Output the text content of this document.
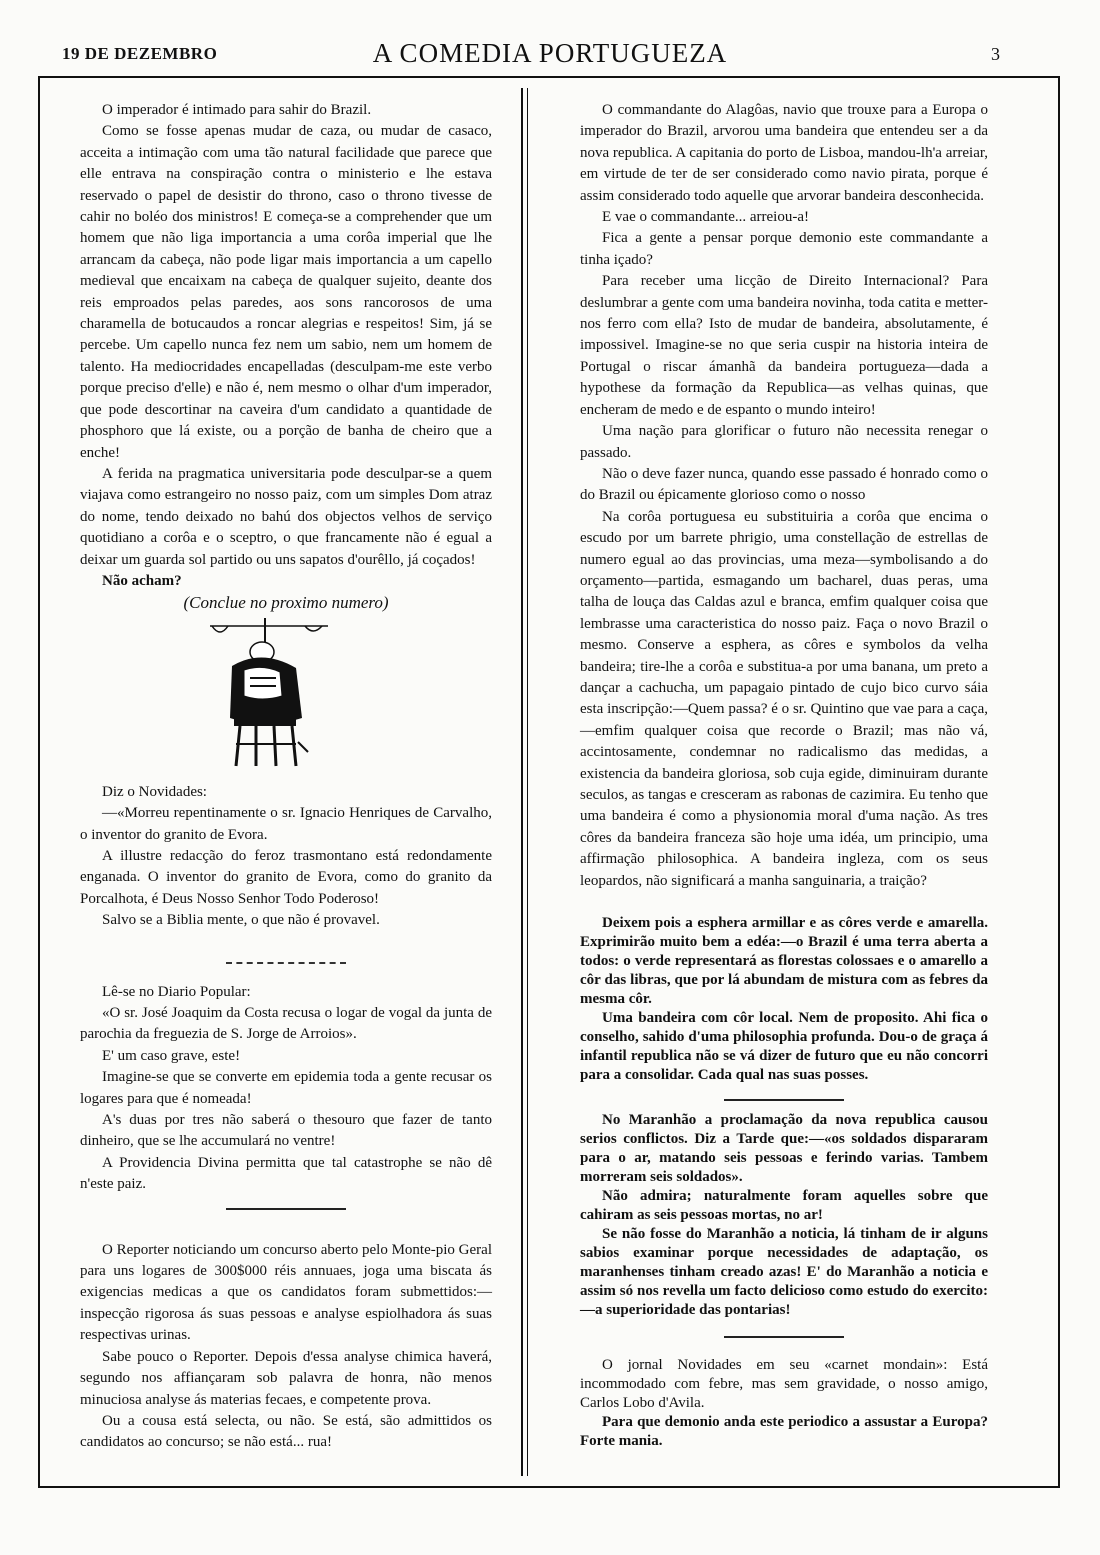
19 DE DEZEMBRO	A COMEDIA PORTUGUEZA	3

O imperador é intimado para sahir do Brazil.

Como se fosse apenas mudar de caza, ou mudar de casaco, acceita a intimação com uma tão natural facilidade que parece que elle entrava na conspiração contra o ministerio e lhe estava reservado o papel de desistir do throno, caso o throno tivesse de cahir no boléo dos ministros! E começa-se a comprehender que um homem que não liga importancia a uma corôa imperial que lhe arrancam da cabeça, não pode ligar mais importancia a um capello medieval que encaixam na cabeça de qualquer sujeito, deante dos reis emproados pelas paredes, aos sons rancorosos de uma charamella de botucaudos a roncar alegrias e respeitos! Sim, já se percebe. Um capello nunca fez nem um sabio, nem um homem de talento. Ha mediocridades encapelladas (desculpam-me este verbo porque preciso d'elle) e não é, nem mesmo o olhar d'um imperador, que pode descortinar na caveira d'um candidato a quantidade de phosphoro que lá existe, ou a porção de banha de cheiro que a enche!

A ferida na pragmatica universitaria pode desculpar-se a quem viajava como estrangeiro no nosso paiz, com um simples Dom atraz do nome, tendo deixado no bahú dos objectos velhos de serviço quotidiano a corôa e o sceptro, o que francamente não é egual a deixar um guarda sol partido ou uns sapatos d'ourêllo, já coçados!

Não acham?

(Conclue no proximo numero)

Diz o Novidades:

—«Morreu repentinamente o sr. Ignacio Henriques de Carvalho, o inventor do granito de Evora.

A illustre redacção do feroz trasmontano está redondamente enganada. O inventor do granito de Evora, como do granito da Porcalhota, é Deus Nosso Senhor Todo Poderoso!

Salvo se a Biblia mente, o que não é provavel.

Lê-se no Diario Popular:

«O sr. José Joaquim da Costa recusa o logar de vogal da junta de parochia da freguezia de S. Jorge de Arroios».

E' um caso grave, este!

Imagine-se que se converte em epidemia toda a gente recusar os logares para que é nomeada!

A's duas por tres não saberá o thesouro que fazer de tanto dinheiro, que se lhe accumulará no ventre!

A Providencia Divina permitta que tal catastrophe se não dê n'este paiz.

O Reporter noticiando um concurso aberto pelo Monte-pio Geral para uns logares de 300$000 réis annuaes, joga uma biscata ás exigencias medicas a que os candidatos foram submettidos:—inspecção rigorosa ás suas pessoas e analyse espiolhadora ás suas respectivas urinas.

Sabe pouco o Reporter. Depois d'essa analyse chimica haverá, segundo nos affiançaram sob palavra de honra, não menos minuciosa analyse ás materias fecaes, e competente prova.

Ou a cousa está selecta, ou não. Se está, são admittidos os candidatos ao concurso; se não está... rua!

O commandante do Alagôas, navio que trouxe para a Europa o imperador do Brazil, arvorou uma bandeira que entendeu ser a da nova republica. A capitania do porto de Lisboa, mandou-lh'a arreiar, em virtude de ter de ser considerado como navio pirata, porque é assim considerado todo aquelle que arvorar bandeira desconhecida.

E vae o commandante... arreiou-a!

Fica a gente a pensar porque demonio este commandante a tinha içado?

Para receber uma licção de Direito Internacional? Para deslumbrar a gente com uma bandeira novinha, toda catita e metter-nos ferro com ella? Isto de mudar de bandeira, absolutamente, é impossivel. Imagine-se no que seria cuspir na historia inteira de Portugal o riscar ámanhã da bandeira portugueza—dada a hypothese da formação da Republica—as velhas quinas, que encheram de medo e de espanto o mundo inteiro!

Uma nação para glorificar o futuro não necessita renegar o passado.

Não o deve fazer nunca, quando esse passado é honrado como o do Brazil ou épicamente glorioso como o nosso

Na corôa portuguesa eu substituiria a corôa que encima o escudo por um barrete phrigio, uma constellação de estrellas de numero egual ao das provincias, uma meza—symbolisando a do orçamento—partida, esmagando um bacharel, duas peras, uma talha de louça das Caldas azul e branca, emfim qualquer coisa que lembrasse uma caracteristica do nosso paiz. Faça o novo Brazil o mesmo. Conserve a esphera, as côres e symbolos da velha bandeira; tire-lhe a corôa e substitua-a por uma banana, um preto a dançar a cachucha, um papagaio pintado de cujo bico curvo sáia esta inscripção:—Quem passa? é o sr. Quintino que vae para a caça,—emfim qualquer coisa que recorde o Brazil; mas não vá, accintosamente, condemnar no radicalismo das medidas, a existencia da bandeira gloriosa, sob cuja egide, diminuiram durante seculos, as tangas e cresceram as rabonas de cazimira. Eu tenho que uma bandeira é como a physionomia moral d'uma nação. As tres côres da bandeira franceza são hoje uma idéa, um principio, uma affirmação philosophica. A bandeira ingleza, com os seus leopardos, não significará a manha sanguinaria, a traição?

Deixem pois a esphera armillar e as côres verde e amarella. Exprimirão muito bem a edéa:—o Brazil é uma terra aberta a todos: o verde representará as florestas colossaes e o amarello a côr das libras, que por lá abundam de mistura com as febres da mesma côr.

Uma bandeira com côr local. Nem de proposito. Ahi fica o conselho, sahido d'uma philosophia profunda. Dou-o de graça á infantil republica não se vá dizer de futuro que eu não concorri para a consolidar. Cada qual nas suas posses.

No Maranhão a proclamação da nova republica causou serios conflictos. Diz a Tarde que:—«os soldados dispararam para o ar, matando seis pessoas e ferindo varias. Tambem morreram seis soldados».

Não admira; naturalmente foram aquelles sobre que cahiram as seis pessoas mortas, no ar!

Se não fosse do Maranhão a noticia, lá tinham de ir alguns sabios examinar porque necessidades de adaptação, os maranhenses tinham creado azas! E' do Maranhão a noticia e assim só nos revella um facto delicioso como estudo do exercito:—a superioridade das pontarias!

O jornal Novidades em seu «carnet mondain»: Está incommodado com febre, mas sem gravidade, o nosso amigo, Carlos Lobo d'Avila.

Para que demonio anda este periodico a assustar a Europa? Forte mania.
